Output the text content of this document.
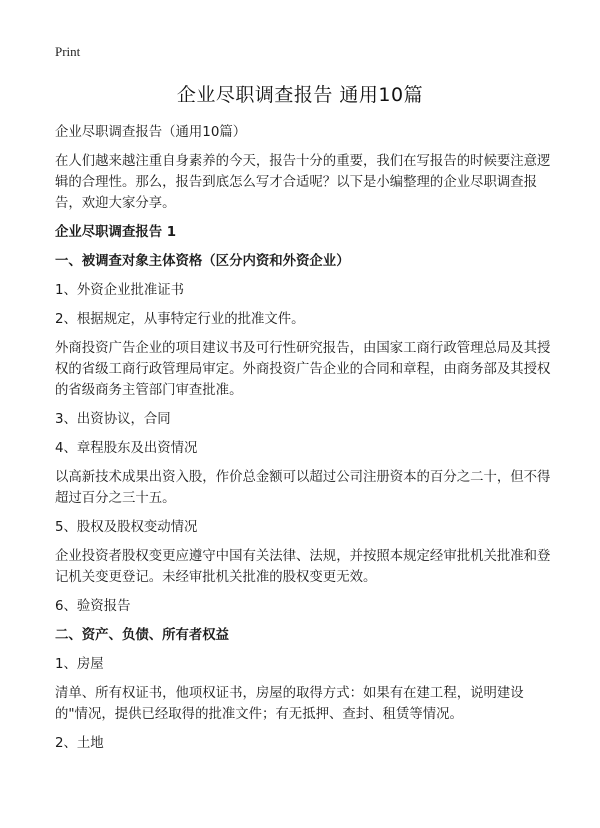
Print
企业尽职调查报告 通用10篇

企业尽职调查报告（通用10篇）

在人们越来越注重自身素养的今天，报告十分的重要，我们在写报告的时候要注意逻辑的合理性。那么，报告到底怎么写才合适呢？以下是小编整理的企业尽职调查报告，欢迎大家分享。

企业尽职调查报告 1

一、被调查对象主体资格（区分内资和外资企业）

1、外资企业批准证书

2、根据规定，从事特定行业的批准文件。

外商投资广告企业的项目建议书及可行性研究报告，由国家工商行政管理总局及其授权的省级工商行政管理局审定。外商投资广告企业的合同和章程，由商务部及其授权的省级商务主管部门审查批准。

3、出资协议，合同

4、章程股东及出资情况

以高新技术成果出资入股，作价总金额可以超过公司注册资本的百分之二十，但不得超过百分之三十五。

5、股权及股权变动情况

企业投资者股权变更应遵守中国有关法律、法规，并按照本规定经审批机关批准和登记机关变更登记。未经审批机关批准的股权变更无效。

6、验资报告

二、资产、负债、所有者权益

1、房屋

清单、所有权证书，他项权证书，房屋的取得方式：如果有在建工程，说明建设的"情况，提供已经取得的批准文件；有无抵押、查封、租赁等情况。

2、土地
